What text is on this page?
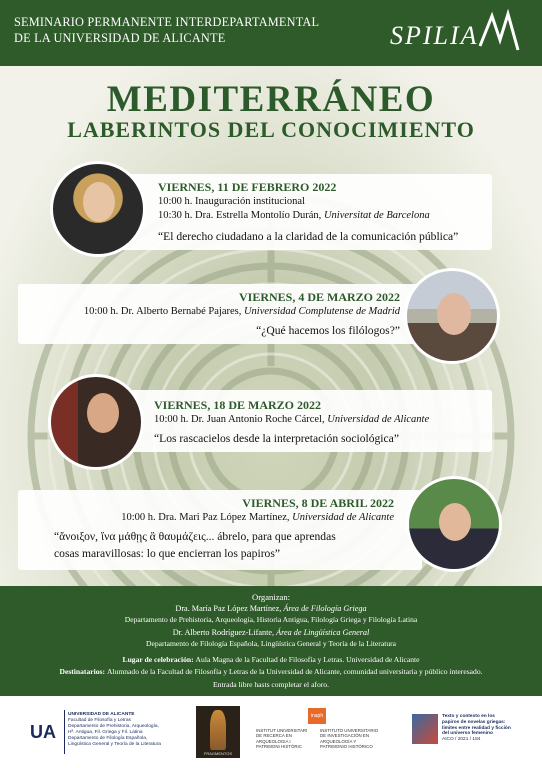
SEMINARIO PERMANENTE INTERDEPARTAMENTAL
DE LA UNIVERSIDAD DE ALICANTE	SPILIA
MEDITERRÁNEO
LABERINTOS DEL CONOCIMIENTO
VIERNES, 11 DE FEBRERO 2022
10:00 h. Inauguración institucional
10:30 h. Dra. Estrella Montolío Durán, Universitat de Barcelona
“El derecho ciudadano a la claridad de la comunicación pública”
VIERNES, 4 DE MARZO 2022
10:00 h. Dr. Alberto Bernabé Pajares, Universidad Complutense de Madrid
“¿Qué hacemos los filólogos?”
VIERNES, 18 DE MARZO 2022
10:00 h. Dr. Juan Antonio Roche Cárcel, Universidad de Alicante
“Los rascacielos desde la interpretación sociológica”
VIERNES, 8 DE ABRIL 2022
10:00 h. Dra. Mari Paz López Martínez, Universidad de Alicante
“ἄνοιξον, ἵνα μάθῃς ἃ θαυμάζεις... ábrelo, para que aprendas
cosas maravillosas: lo que encierran los papiros”
Organizan:
Dra. María Paz López Martínez, Área de Filología Griega
Departamento de Prehistoria, Arqueología, Historia Antigua, Filología Griega y Filología Latina
Dr. Alberto Rodríguez-Lifante, Área de Lingüística General
Departamento de Filología Española, Lingüística General y Teoría de la Literatura
Lugar de celebración: Aula Magna de la Facultad de Filosofía y Letras. Universidad de Alicante
Destinatarios: Alumnado de la Facultad de Filosofía y Letras de la Universidad de Alicante, comunidad universitaria y público interesado.
Entrada libre hasts completar el aforo.
UA
UNIVERSIDAD DE ALICANTE
Facultad de Filosofía y Letras
Departamento de Prehistoria, Arqueología,
Hª. Antigua, Fil. Griega y Fil. Latina
Departamento de Filología Española,
Lingüística General y Teoría de la Literatura
FRAGMENTOS
inaph
INSTITUT UNIVERSITARI
DE RECERCA EN
ARQUEOLOGIA I
PATRIMONI HISTÒRIC
INSTITUTO UNIVERSITARIO
DE INVESTIGACIÓN EN
ARQUEOLOGÍA Y
PATRIMONIO HISTÓRICO
Texto y contexto en los
papiros de novelas griegas:
límites entre realidad y ficción
del universo femenino
AICO / 2021 / 184
